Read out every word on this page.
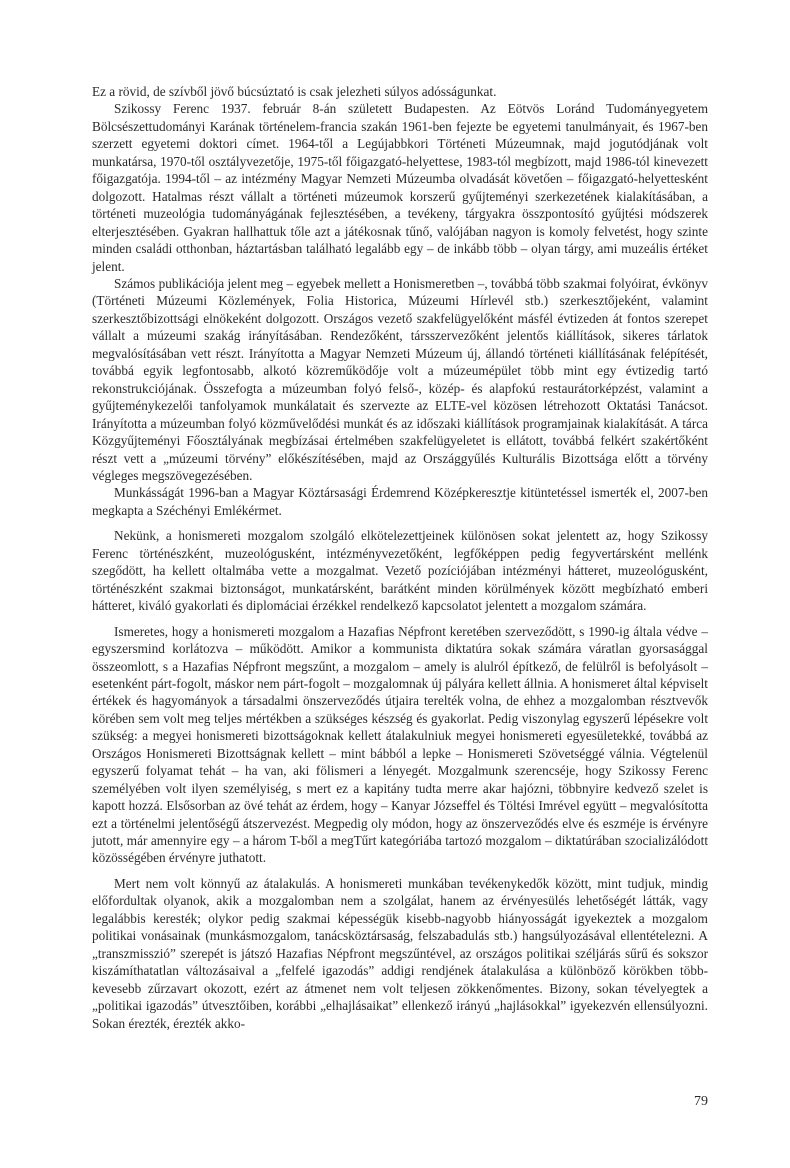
Ez a rövid, de szívből jövő búcsúztató is csak jelezheti súlyos adósságunkat.

Szikossy Ferenc 1937. február 8-án született Budapesten. Az Eötvös Loránd Tudományegyetem Bölcsészettudományi Karának történelem-francia szakán 1961-ben fejezte be egyetemi tanulmányait, és 1967-ben szerzett egyetemi doktori címet. 1964-től a Legújabbkori Történeti Múzeumnak, majd jogutódjának volt munkatársa, 1970-től osztályvezetője, 1975-től főigazgató-helyettese, 1983-tól megbízott, majd 1986-tól kinevezett főigazgatója. 1994-től – az intézmény Magyar Nemzeti Múzeumba olvadását követően – főigazgató-helyettesként dolgozott. Hatalmas részt vállalt a történeti múzeumok korszerű gyűjteményi szerkezetének kialakításában, a történeti muzeológia tudományágának fejlesztésében, a tevékeny, tárgyakra összpontosító gyűjtési módszerek elterjesztésében. Gyakran hallhattuk tőle azt a játékosnak tűnő, valójában nagyon is komoly felvetést, hogy szinte minden családi otthonban, háztartásban található legalább egy – de inkább több – olyan tárgy, ami muzeális értéket jelent.

Számos publikációja jelent meg – egyebek mellett a Honismeretben –, továbbá több szakmai folyóirat, évkönyv (Történeti Múzeumi Közlemények, Folia Historica, Múzeumi Hírlevél stb.) szerkesztőjeként, valamint szerkesztőbizottsági elnökeként dolgozott. Országos vezető szakfelügyelőként másfél évtizeden át fontos szerepet vállalt a múzeumi szakág irányításában. Rendezőként, társszervezőként jelentős kiállítások, sikeres tárlatok megvalósításában vett részt. Irányította a Magyar Nemzeti Múzeum új, állandó történeti kiállításának felépítését, továbbá egyik legfontosabb, alkotó közreműködője volt a múzeumépület több mint egy évtizedig tartó rekonstrukciójának. Összefogta a múzeumban folyó felső-, közép- és alapfokú restaurátorképzést, valamint a gyűjteménykezelői tanfolyamok munkálatait és szervezte az ELTE-vel közösen létrehozott Oktatási Tanácsot. Irányította a múzeumban folyó közművelődési munkát és az időszaki kiállítások programjainak kialakítását. A tárca Közgyűjteményi Főosztályának megbízásai értelmében szakfelügyeletet is ellátott, továbbá felkért szakértőként részt vett a „múzeumi törvény” előkészítésében, majd az Országgyűlés Kulturális Bizottsága előtt a törvény végleges megszövegezésében.

Munkásságát 1996-ban a Magyar Köztársasági Érdemrend Középkeresztje kitüntetéssel ismerték el, 2007-ben megkapta a Széchényi Emlékérmet.

Nekünk, a honismereti mozgalom szolgáló elkötelezettjeinek különösen sokat jelentett az, hogy Szikossy Ferenc történészként, muzeológusként, intézményvezetőként, legfőképpen pedig fegyvertársként mellénk szegődött, ha kellett oltalmába vette a mozgalmat. Vezető pozíciójában intézményi hátteret, muzeológusként, történészként szakmai biztonságot, munkatársként, barátként minden körülmények között megbízható emberi hátteret, kiváló gyakorlati és diplomáciai érzékkel rendelkező kapcsolatot jelentett a mozgalom számára.

Ismeretes, hogy a honismereti mozgalom a Hazafias Népfront keretében szerveződött, s 1990-ig általa védve – egyszersmind korlátozva – működött. Amikor a kommunista diktatúra sokak számára váratlan gyorsasággal összeomlott, s a Hazafias Népfront megszűnt, a mozgalom – amely is alulról építkező, de felülről is befolyásolt – esetenként párt-fogolt, máskor nem párt-fogolt – mozgalomnak új pályára kellett állnia. A honismeret által képviselt értékek és hagyományok a társadalmi önszerveződés útjaira terelték volna, de ehhez a mozgalomban résztvevők körében sem volt meg teljes mértékben a szükséges készség és gyakorlat. Pedig viszonylag egyszerű lépésekre volt szükség: a megyei honismereti bizottságoknak kellett átalakulniuk megyei honismereti egyesületekké, továbbá az Országos Honismereti Bizottságnak kellett – mint bábból a lepke – Honismereti Szövetséggé válnia. Végtelenül egyszerű folyamat tehát – ha van, aki fölismeri a lényegét. Mozgalmunk szerencséje, hogy Szikossy Ferenc személyében volt ilyen személyiség, s mert ez a kapitány tudta merre akar hajózni, többnyire kedvező szelet is kapott hozzá. Elsősorban az övé tehát az érdem, hogy – Kanyar Józseffel és Töltési Imrével együtt – megvalósította ezt a történelmi jelentőségű átszervezést. Megpedig oly módon, hogy az önszerveződés elve és eszméje is érvényre jutott, már amennyire egy – a három T-ből a megTűrt kategóriába tartozó mozgalom – diktatúrában szocializálódott közösségében érvényre juthatott.

Mert nem volt könnyű az átalakulás. A honismereti munkában tevékenykedők között, mint tudjuk, mindig előfordultak olyanok, akik a mozgalomban nem a szolgálat, hanem az érvényesülés lehetőségét látták, vagy legalábbis keresték; olykor pedig szakmai képességük kisebb-nagyobb hiányosságát igyekeztek a mozgalom politikai vonásainak (munkásmozgalom, tanácsköztársaság, felszabadulás stb.) hangsúlyozásával ellentételezni. A „transzmisszió” szerepét is játszó Hazafias Népfront megszűntével, az országos politikai széljárás sűrű és sokszor kiszámíthatatlan változásaival a „felfelé igazodás” addigi rendjének átalakulása a különböző körökben több-kevesebb zűrzavart okozott, ezért az átmenet nem volt teljesen zökkenőmentes. Bizony, sokan tévelyegtek a „politikai igazodás” útvesztőiben, korábbi „elhajlásaikat” ellenkező irányú „hajlásokkal” igyekezvén ellensúlyozni. Sokan érezték, érezték akko-

79
